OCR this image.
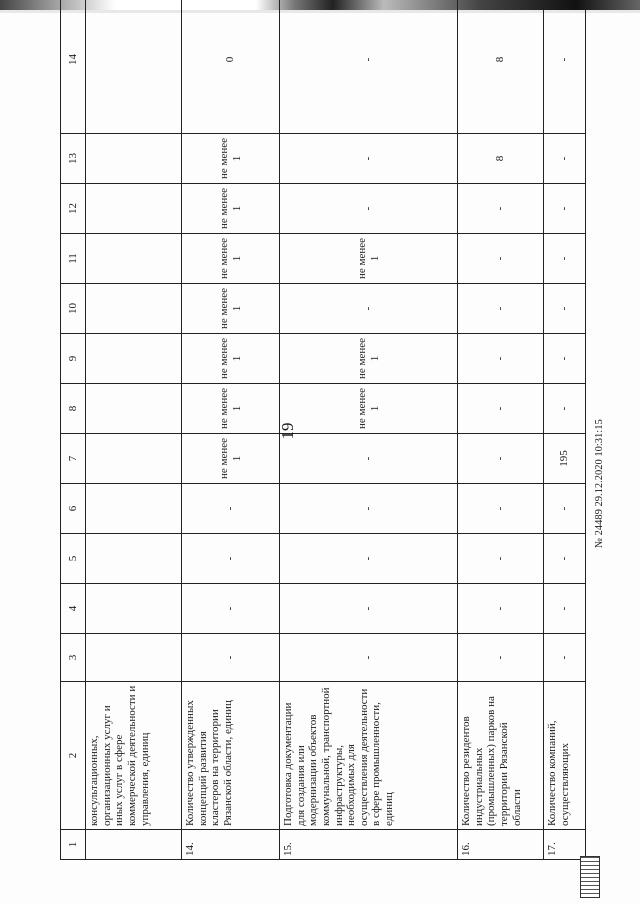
19
1	2	3	4	5	6	7	8	9	10	11	12	13	14
	консультационных, организационных услуг и иных услуг в сфере коммерческой деятельности и управления, единиц												
14.	Количество утвержденных концепций развития кластеров на территории Рязанской области, единиц	-	-	-	-	не менее 1	не менее 1	не менее 1	не менее 1	не менее 1	не менее 1	не менее 1	0
15.	Подготовка документации для создания или модернизации объектов коммунальной, транспортной инфраструктуры, необходимых для осуществления деятельности в сфере промышленности, единиц	-	-	-	-	-	не менее 1	не менее 1	-	не менее 1	-	-	-
16.	Количество резидентов индустриальных (промышленных) парков на территории Рязанской области	-	-	-	-	-	-	-	-	-	-	8	8
17.	Количество компаний, осуществляющих	-	-	-	-	195	-	-	-	-	-	-	-
№ 24489 29.12.2020 10:31:15
